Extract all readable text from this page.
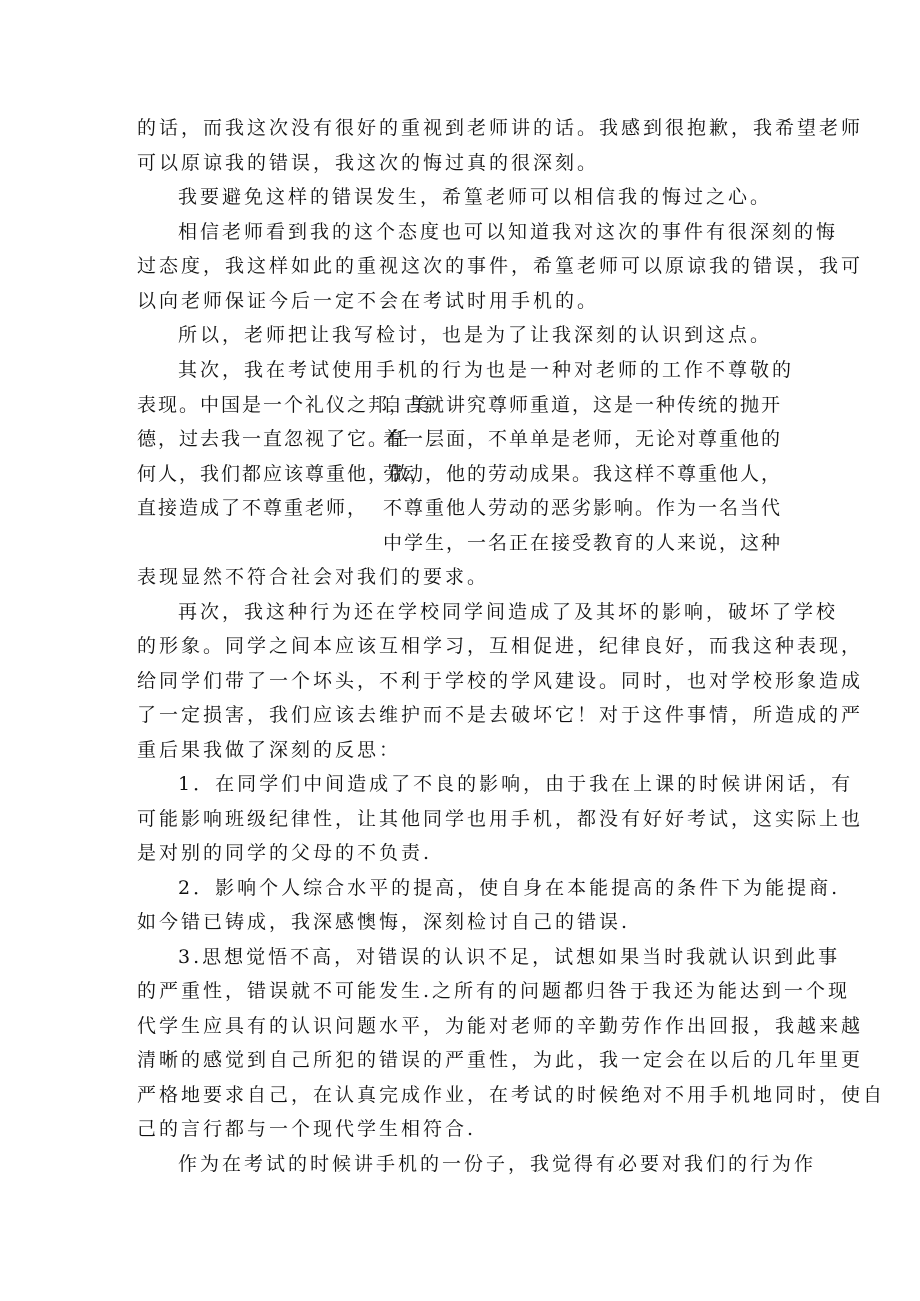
的话，而我这次没有很好的重视到老师讲的话。我感到很抱歉，我希望老师
可以原谅我的错误，我这次的悔过真的很深刻。
我要避免这样的错误发生，希篁老师可以相信我的悔过之心。
相信老师看到我的这个态度也可以知道我对这次的事件有很深刻的悔
过态度，我这样如此的重视这次的事件，希篁老师可以原谅我的错误，我可
以向老师保证今后一定不会在考试时用手机的。
所以，老师把让我写检讨，也是为了让我深刻的认识到这点。
其次，我在考试使用手机的行为也是一种对老师的工作不尊敬的
表现。中国是一个礼仪之邦，美
德，过去我一直忽视了它。任
何人，我们都应该尊重他，做，
直接造成了不尊重老师，
自古就讲究尊师重道，这是一种传统的抛开
着一层面，不单单是老师，无论对尊重他的
劳动，他的劳动成果。我这样不尊重他人，
不尊重他人劳动的恶劣影响。作为一名当代
中学生，一名正在接受教育的人来说，这种
表现显然不符合社会对我们的要求。
再次，我这种行为还在学校同学间造成了及其坏的影响，破坏了学校
的形象。同学之间本应该互相学习，互相促进，纪律良好，而我这种表现，
给同学们带了一个坏头，不利于学校的学风建设。同时，也对学校形象造成
了一定损害，我们应该去维护而不是去破坏它！对于这件事情，所造成的严
重后果我做了深刻的反思：
1．在同学们中间造成了不良的影响，由于我在上课的时候讲闲话，有
可能影响班级纪律性，让其他同学也用手机，都没有好好考试，这实际上也
是对别的同学的父母的不负责.
2．影响个人综合水平的提高，使自身在本能提高的条件下为能提商.
如今错已铸成，我深感懊悔，深刻检讨自己的错误.
3.思想觉悟不高，对错误的认识不足，试想如果当时我就认识到此事
的严重性，错误就不可能发生.之所有的问题都归咎于我还为能达到一个现
代学生应具有的认识问题水平，为能对老师的辛勤劳作作出回报，我越来越
清晰的感觉到自己所犯的错误的严重性，为此，我一定会在以后的几年里更
严格地要求自己，在认真完成作业，在考试的时候绝对不用手机地同时，使自
己的言行都与一个现代学生相符合.
作为在考试的时候讲手机的一份子，我觉得有必要对我们的行为作
